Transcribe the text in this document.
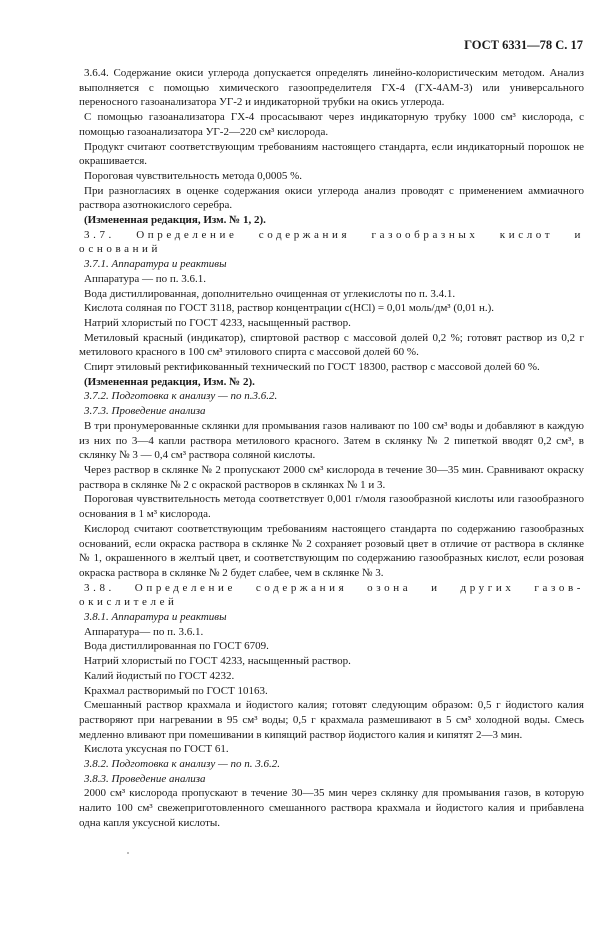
ГОСТ 6331—78 С. 17

3.6.4. Содержание окиси углерода допускается определять линейно-колористическим методом. Анализ выполняется с помощью химического газоопределителя ГХ-4 (ГХ-4АМ-3) или универсального переносного газоанализатора УГ-2 и индикаторной трубки на окись углерода.

С помощью газоанализатора ГХ-4 просасывают через индикаторную трубку 1000 см³ кислорода, с помощью газоанализатора УГ-2—220 см³ кислорода.

Продукт считают соответствующим требованиям настоящего стандарта, если индикаторный порошок не окрашивается.

Пороговая чувствительность метода 0,0005 %.

При разногласиях в оценке содержания окиси углерода анализ проводят с применением аммиачного раствора азотнокислого серебра.

(Измененная редакция, Изм. № 1, 2).

3.7. Определение содержания газообразных кислот и оснований

3.7.1. Аппаратура и реактивы

Аппаратура — по п. 3.6.1.

Вода дистиллированная, дополнительно очищенная от углекислоты по п. 3.4.1.

Кислота соляная по ГОСТ 3118, раствор концентрации c(HCl) = 0,01 моль/дм³ (0,01 н.).

Натрий хлористый по ГОСТ 4233, насыщенный раствор.

Метиловый красный (индикатор), спиртовой раствор с массовой долей 0,2 %; готовят раствор из 0,2 г метилового красного в 100 см³ этилового спирта с массовой долей 60 %.

Спирт этиловый ректификованный технический по ГОСТ 18300, раствор с массовой долей 60 %.

(Измененная редакция, Изм. № 2).

3.7.2. Подготовка к анализу — по п.3.6.2.

3.7.3. Проведение анализа

В три пронумерованные склянки для промывания газов наливают по 100 см³ воды и добавляют в каждую из них по 3—4 капли раствора метилового красного. Затем в склянку № 2 пипеткой вводят 0,2 см³, в склянку № 3 — 0,4 см³ раствора соляной кислоты.

Через раствор в склянке № 2 пропускают 2000 см³ кислорода в течение 30—35 мин. Сравнивают окраску раствора в склянке № 2 с окраской растворов в склянках № 1 и 3.

Пороговая чувствительность метода соответствует 0,001 г/моля газообразной кислоты или газообразного основания в 1 м³ кислорода.

Кислород считают соответствующим требованиям настоящего стандарта по содержанию газообразных оснований, если окраска раствора в склянке № 2 сохраняет розовый цвет в отличие от раствора в склянке № 1, окрашенного в желтый цвет, и соответствующим по содержанию газообразных кислот, если розовая окраска раствора в склянке № 2 будет слабее, чем в склянке № 3.

3.8. Определение содержания озона и других газов-окислителей

3.8.1. Аппаратура и реактивы

Аппаратура— по п. 3.6.1.

Вода дистиллированная по ГОСТ 6709.

Натрий хлористый по ГОСТ 4233, насыщенный раствор.

Калий йодистый по ГОСТ 4232.

Крахмал растворимый по ГОСТ 10163.

Смешанный раствор крахмала и йодистого калия; готовят следующим образом: 0,5 г йодистого калия растворяют при нагревании в 95 см³ воды; 0,5 г крахмала размешивают в 5 см³ холодной воды. Смесь медленно вливают при помешивании в кипящий раствор йодистого калия и кипятят 2—3 мин.

Кислота уксусная по ГОСТ 61.

3.8.2. Подготовка к анализу — по п. 3.6.2.

3.8.3. Проведение анализа

2000 см³ кислорода пропускают в течение 30—35 мин через склянку для промывания газов, в которую налито 100 см³ свежеприготовленного смешанного раствора крахмала и йодистого калия и прибавлена одна капля уксусной кислоты.
